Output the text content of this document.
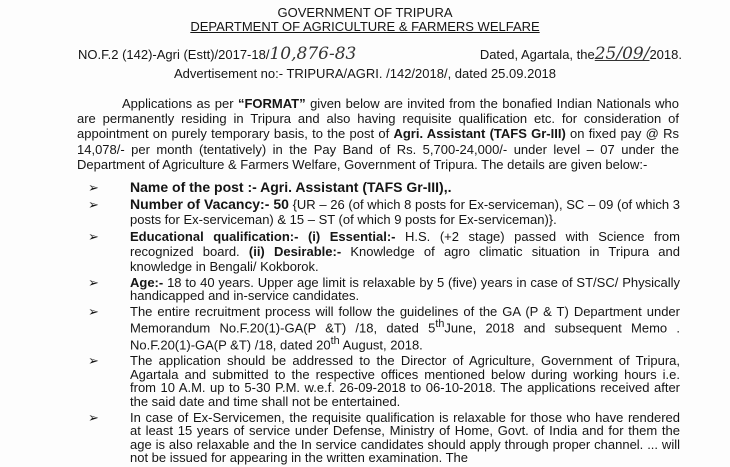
GOVERNMENT OF TRIPURA
DEPARTMENT OF AGRICULTURE & FARMERS WELFARE
NO.F.2 (142)-Agri (Estt)/2017-18/10,876-83	Dated, Agartala, the25/09/2018.
Advertisement no:- TRIPURA/AGRI. /142/2018/, dated 25.09.2018
Applications as per “FORMAT” given below are invited from the bonafied Indian Nationals who are permanently residing in Tripura and also having requisite qualification etc. for consideration of appointment on purely temporary basis, to the post of Agri. Assistant (TAFS Gr-III) on fixed pay @ Rs 14,078/- per month (tentatively) in the Pay Band of Rs. 5,700-24,000/- under level – 07 under the Department of Agriculture & Farmers Welfare, Government of Tripura. The details are given below:-
➢ Name of the post :- Agri. Assistant (TAFS Gr-III),.
➢ Number of Vacancy:- 50 {UR – 26 (of which 8 posts for Ex-serviceman), SC – 09 (of which 3 posts for Ex-serviceman) & 15 – ST (of which 9 posts for Ex-serviceman)}.
➢ Educational qualification:- (i) Essential:- H.S. (+2 stage) passed with Science from recognized board. (ii) Desirable:- Knowledge of agro climatic situation in Tripura and knowledge in Bengali/ Kokborok.
➢ Age:- 18 to 40 years. Upper age limit is relaxable by 5 (five) years in case of ST/SC/ Physically handicapped and in-service candidates.
➢ The entire recruitment process will follow the guidelines of the GA (P & T) Department under Memorandum No.F.20(1)-GA(P &T) /18, dated 5thJune, 2018 and subsequent Memo . No.F.20(1)-GA(P &T) /18, dated 20th August, 2018.
➢ The application should be addressed to the Director of Agriculture, Government of Tripura, Agartala and submitted to the respective offices mentioned below during working hours i.e. from 10 A.M. up to 5-30 P.M. w.e.f. 26-09-2018 to 06-10-2018. The applications received after the said date and time shall not be entertained.
➢ In case of Ex-Servicemen, the requisite qualification is relaxable for those who have rendered at least 15 years of service under Defense, Ministry of Home, Govt. of India and for them the age is also relaxable and the In service candidates should apply through proper channel. ... will not be issued for appearing in the written examination. The
